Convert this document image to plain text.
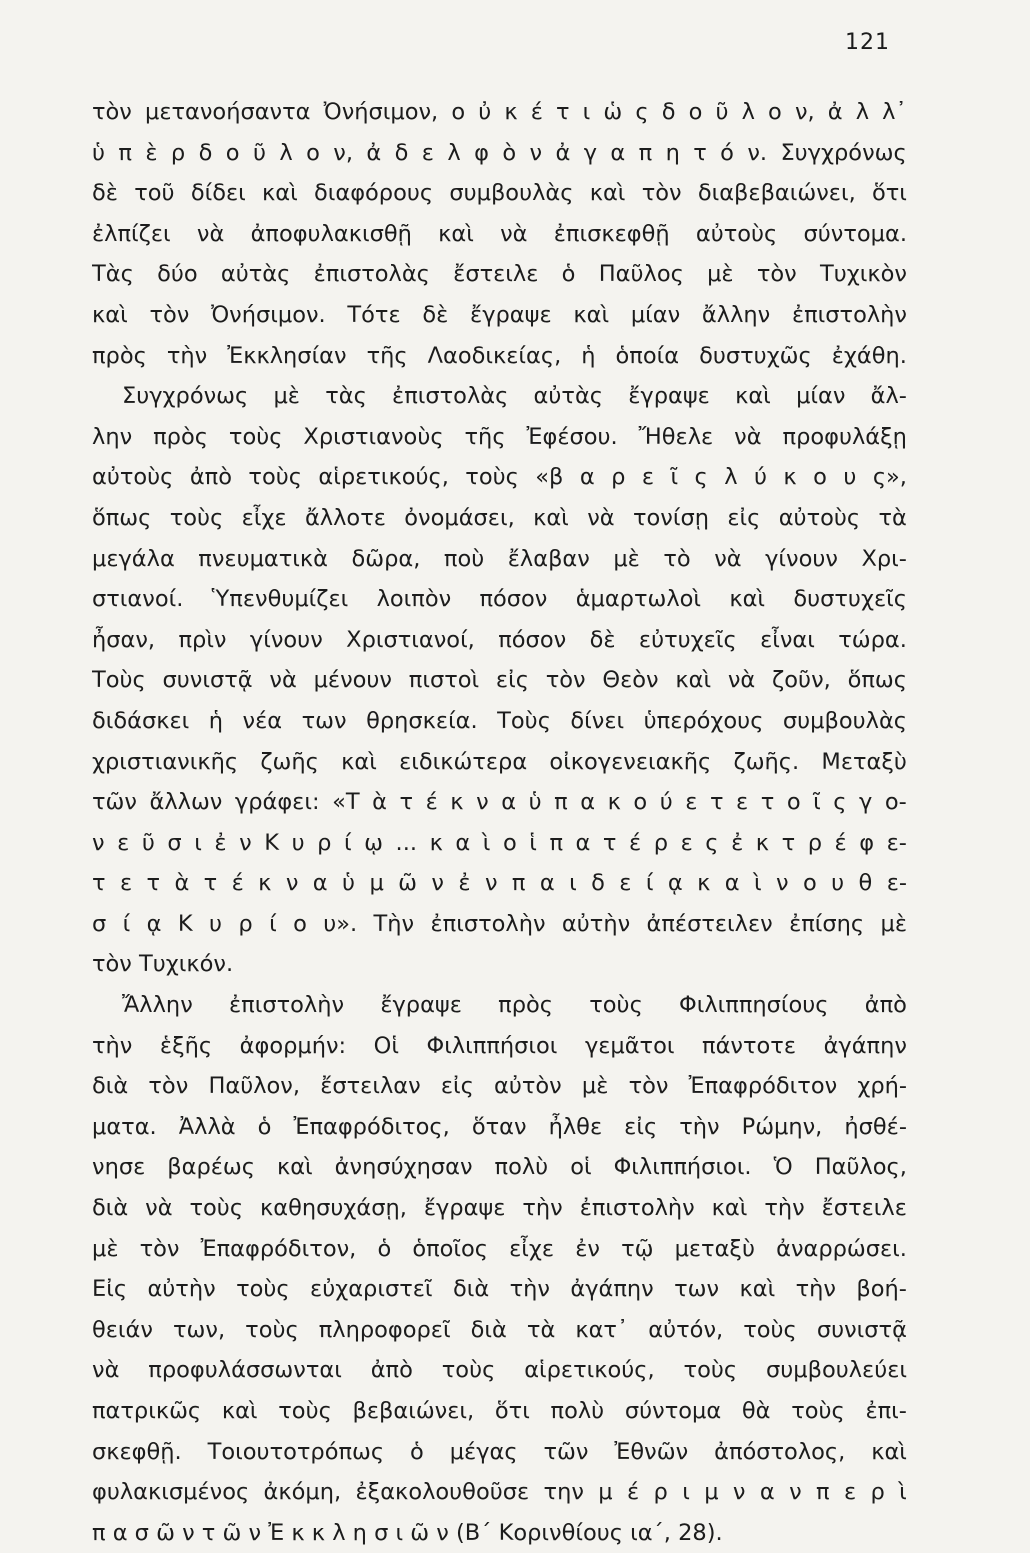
121
τὸν μετανοήσαντα Ὀνήσιμον, ο ὐ κ έ τ ι ὡ ς δ ο ῦ λ ο ν, ἀ λ λ᾽
ὑ π ὲ ρ δ ο ῦ λ ο ν, ἀ δ ε λ φ ὸ ν ἀ γ α π η τ ό ν. Συγχρόνως
δὲ τοῦ δίδει καὶ διαφόρους συμβουλὰς καὶ τὸν διαβεβαιώνει, ὅτι
ἐλπίζει νὰ ἀποφυλακισθῇ καὶ νὰ ἐπισκεφθῇ αὐτοὺς σύντομα.
Τὰς δύο αὐτὰς ἐπιστολὰς ἔστειλε ὁ Παῦλος μὲ τὸν Τυχικὸν
καὶ τὸν Ὀνήσιμον. Τότε δὲ ἔγραψε καὶ μίαν ἄλλην ἐπιστολὴν
πρὸς τὴν Ἐκκλησίαν τῆς Λαοδικείας, ἡ ὁποία δυστυχῶς ἐχάθη.
Συγχρόνως μὲ τὰς ἐπιστολὰς αὐτὰς ἔγραψε καὶ μίαν ἄλ-
λην πρὸς τοὺς Χριστιανοὺς τῆς Ἐφέσου. Ἤθελε νὰ προφυλάξῃ
αὐτοὺς ἀπὸ τοὺς αἱρετικούς, τοὺς «β α ρ ε ῖ ς λ ύ κ ο υ ς»,
ὅπως τοὺς εἶχε ἄλλοτε ὀνομάσει, καὶ νὰ τονίσῃ εἰς αὐτοὺς τὰ
μεγάλα πνευματικὰ δῶρα, ποὺ ἔλαβαν μὲ τὸ νὰ γίνουν Χρι-
στιανοί. Ὑπενθυμίζει λοιπὸν πόσον ἁμαρτωλοὶ καὶ δυστυχεῖς
ἦσαν, πρὶν γίνουν Χριστιανοί, πόσον δὲ εὐτυχεῖς εἶναι τώρα.
Τοὺς συνιστᾷ νὰ μένουν πιστοὶ εἰς τὸν Θεὸν καὶ νὰ ζοῦν, ὅπως
διδάσκει ἡ νέα των θρησκεία. Τοὺς δίνει ὑπερόχους συμβουλὰς
χριστιανικῆς ζωῆς καὶ ειδικώτερα οἰκογενειακῆς ζωῆς. Μεταξὺ
τῶν ἄλλων γράφει: «Τ ὰ τ έ κ ν α ὑ π α κ ο ύ ε τ ε τ ο ῖ ς γ ο-
ν ε ῦ σ ι ἐ ν Κ υ ρ ί ῳ ... κ α ὶ ο ἱ π α τ έ ρ ε ς ἐ κ τ ρ έ φ ε-
τ ε τ ὰ τ έ κ ν α ὑ μ ῶ ν ἐ ν π α ι δ ε ί ᾳ κ α ὶ ν ο υ θ ε-
σ ί ᾳ Κ υ ρ ί ο υ». Τὴν ἐπιστολὴν αὐτὴν ἀπέστειλεν ἐπίσης μὲ
τὸν Τυχικόν.
Ἄλλην ἐπιστολὴν ἔγραψε πρὸς τοὺς Φιλιππησίους ἀπὸ
τὴν ἑξῆς ἀφορμήν: Οἱ Φιλιππήσιοι γεμᾶτοι πάντοτε ἀγάπην
διὰ τὸν Παῦλον, ἔστειλαν εἰς αὐτὸν μὲ τὸν Ἐπαφρόδιτον χρή-
ματα. Ἀλλὰ ὁ Ἐπαφρόδιτος, ὅταν ἦλθε εἰς τὴν Ρώμην, ἠσθέ-
νησε βαρέως καὶ ἀνησύχησαν πολὺ οἱ Φιλιππήσιοι. Ὁ Παῦλος,
διὰ νὰ τοὺς καθησυχάσῃ, ἔγραψε τὴν ἐπιστολὴν καὶ τὴν ἔστειλε
μὲ τὸν Ἐπαφρόδιτον, ὁ ὁποῖος εἶχε ἐν τῷ μεταξὺ ἀναρρώσει.
Εἰς αὐτὴν τοὺς εὐχαριστεῖ διὰ τὴν ἀγάπην των καὶ τὴν βοή-
θειάν των, τοὺς πληροφορεῖ διὰ τὰ κατ᾽ αὐτόν, τοὺς συνιστᾷ
νὰ προφυλάσσωνται ἀπὸ τοὺς αἱρετικούς, τοὺς συμβουλεύει
πατρικῶς καὶ τοὺς βεβαιώνει, ὅτι πολὺ σύντομα θὰ τοὺς ἐπι-
σκεφθῇ. Τοιουτοτρόπως ὁ μέγας τῶν Ἐθνῶν ἀπόστολος, καὶ
φυλακισμένος ἀκόμη, ἐξακολουθοῦσε την μ έ ρ ι μ ν α ν π ε ρ ὶ
π α σ ῶ ν τ ῶ ν Ἐ κ κ λ η σ ι ῶ ν (Β´ Κορινθίους ια´, 28).
